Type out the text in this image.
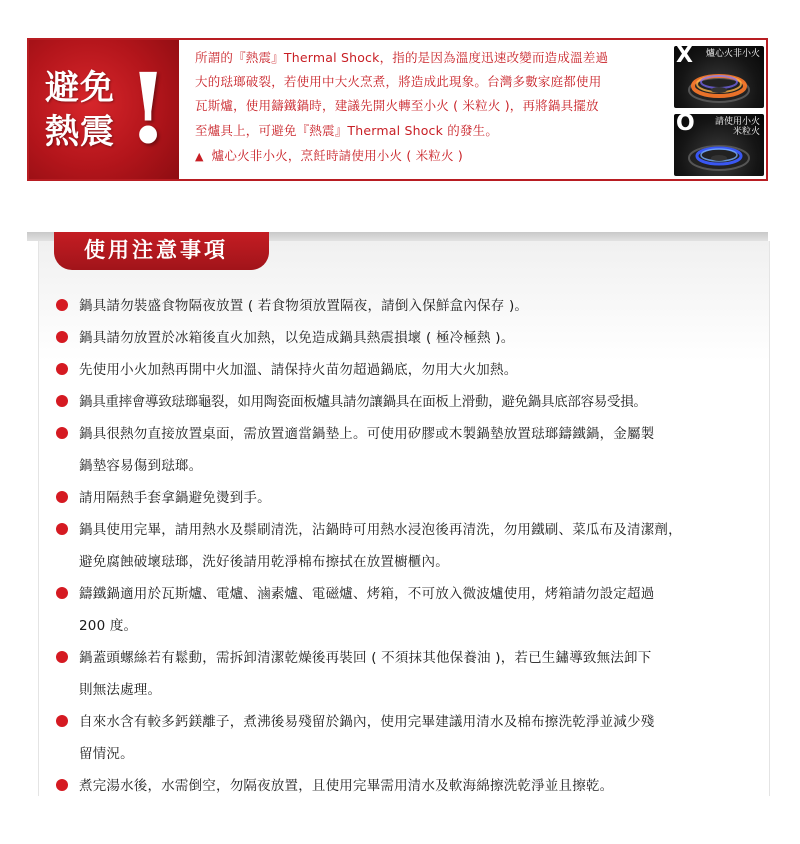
避免
熱震 ! 所謂的『熱震』Thermal Shock，指的是因為溫度迅速改變而造成溫差過
大的琺瑯破裂，若使用中大火烹煮，將造成此現象。台灣多數家庭都使用
瓦斯爐，使用鑄鐵鍋時，建議先開火轉至小火 ( 米粒火 )，再將鍋具擺放
至爐具上，可避免『熱震』Thermal Shock 的發生。
▲ 爐心火非小火，烹飪時請使用小火 ( 米粒火 )
X 爐心火非小火
O 請使用小火
米粒火
使用注意事項
鍋具請勿裝盛食物隔夜放置 ( 若食物須放置隔夜，請倒入保鮮盒內保存 )。
鍋具請勿放置於冰箱後直火加熱，以免造成鍋具熱震損壞 ( 極冷極熱 )。
先使用小火加熱再開中火加溫、請保持火苗勿超過鍋底，勿用大火加熱。
鍋具重摔會導致琺瑯龜裂，如用陶瓷面板爐具請勿讓鍋具在面板上滑動，避免鍋具底部容易受損。
鍋具很熱勿直接放置桌面，需放置適當鍋墊上。可使用矽膠或木製鍋墊放置琺瑯鑄鐵鍋，金屬製
鍋墊容易傷到琺瑯。
請用隔熱手套拿鍋避免燙到手。
鍋具使用完畢，請用熱水及鬃刷清洗，沾鍋時可用熱水浸泡後再清洗，勿用鐵刷、菜瓜布及清潔劑，
避免腐蝕破壞琺瑯，洗好後請用乾淨棉布擦拭在放置櫥櫃內。
鑄鐵鍋適用於瓦斯爐、電爐、滷素爐、電磁爐、烤箱，不可放入微波爐使用，烤箱請勿設定超過
200 度。
鍋蓋頭螺絲若有鬆動，需拆卸清潔乾燥後再裝回 ( 不須抹其他保養油 )，若已生鏽導致無法卸下
則無法處理。
自來水含有較多鈣鎂離子，煮沸後易殘留於鍋內，使用完畢建議用清水及棉布擦洗乾淨並減少殘
留情況。
煮完湯水後，水需倒空，勿隔夜放置，且使用完畢需用清水及軟海綿擦洗乾淨並且擦乾。
